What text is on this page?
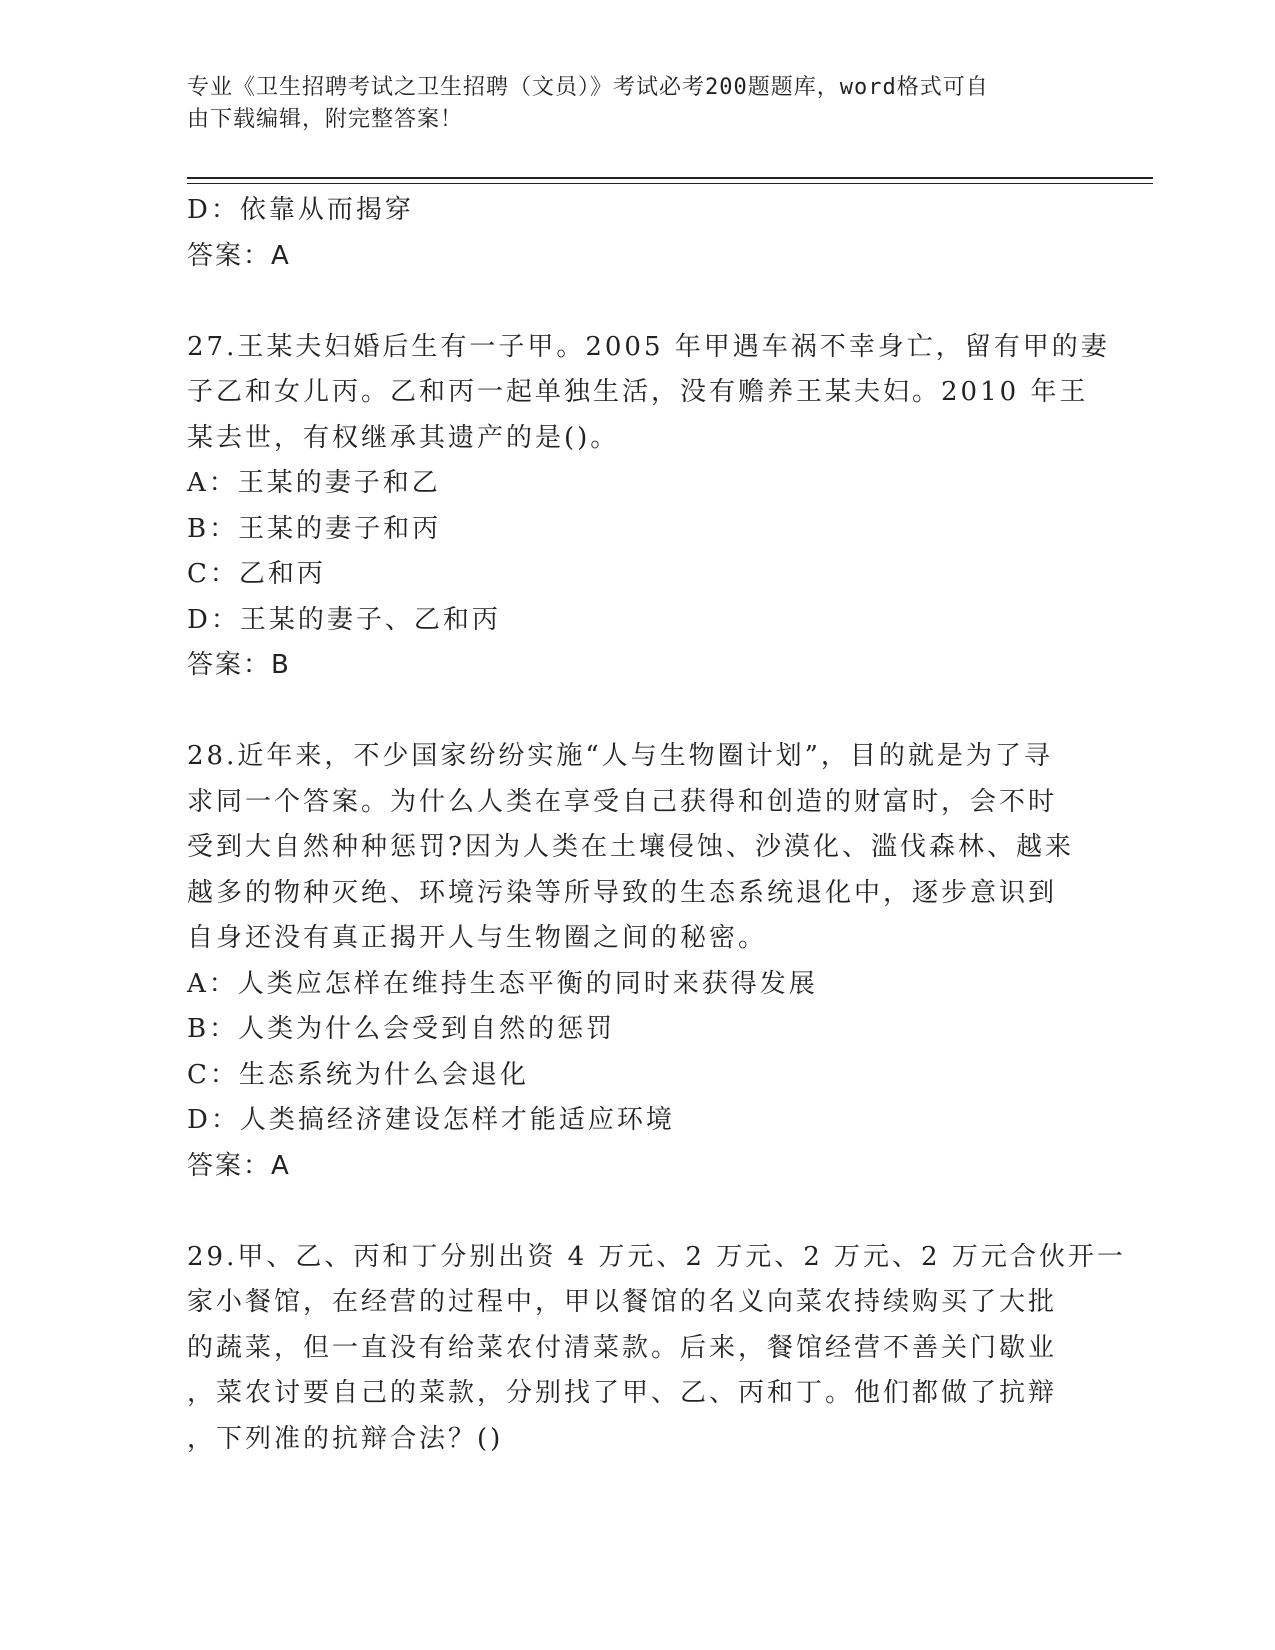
专业《卫生招聘考试之卫生招聘（文员）》考试必考200题题库，word格式可自
由下载编辑，附完整答案！
D：依靠从而揭穿
答案：A
27.王某夫妇婚后生有一子甲。2005 年甲遇车祸不幸身亡，留有甲的妻
子乙和女儿丙。乙和丙一起单独生活，没有赡养王某夫妇。2010 年王
某去世，有权继承其遗产的是()。
A：王某的妻子和乙
B：王某的妻子和丙
C：乙和丙
D：王某的妻子、乙和丙
答案：B
28.近年来，不少国家纷纷实施“人与生物圈计划”，目的就是为了寻
求同一个答案。为什么人类在享受自己获得和创造的财富时，会不时
受到大自然种种惩罚?因为人类在土壤侵蚀、沙漠化、滥伐森林、越来
越多的物种灭绝、环境污染等所导致的生态系统退化中，逐步意识到
自身还没有真正揭开人与生物圈之间的秘密。
A：人类应怎样在维持生态平衡的同时来获得发展
B：人类为什么会受到自然的惩罚
C：生态系统为什么会退化
D：人类搞经济建设怎样才能适应环境
答案：A
29.甲、乙、丙和丁分别出资 4 万元、2 万元、2 万元、2 万元合伙开一
家小餐馆，在经营的过程中，甲以餐馆的名义向菜农持续购买了大批
的蔬菜，但一直没有给菜农付清菜款。后来，餐馆经营不善关门歇业
，菜农讨要自己的菜款，分别找了甲、乙、丙和丁。他们都做了抗辩
，下列准的抗辩合法？()
